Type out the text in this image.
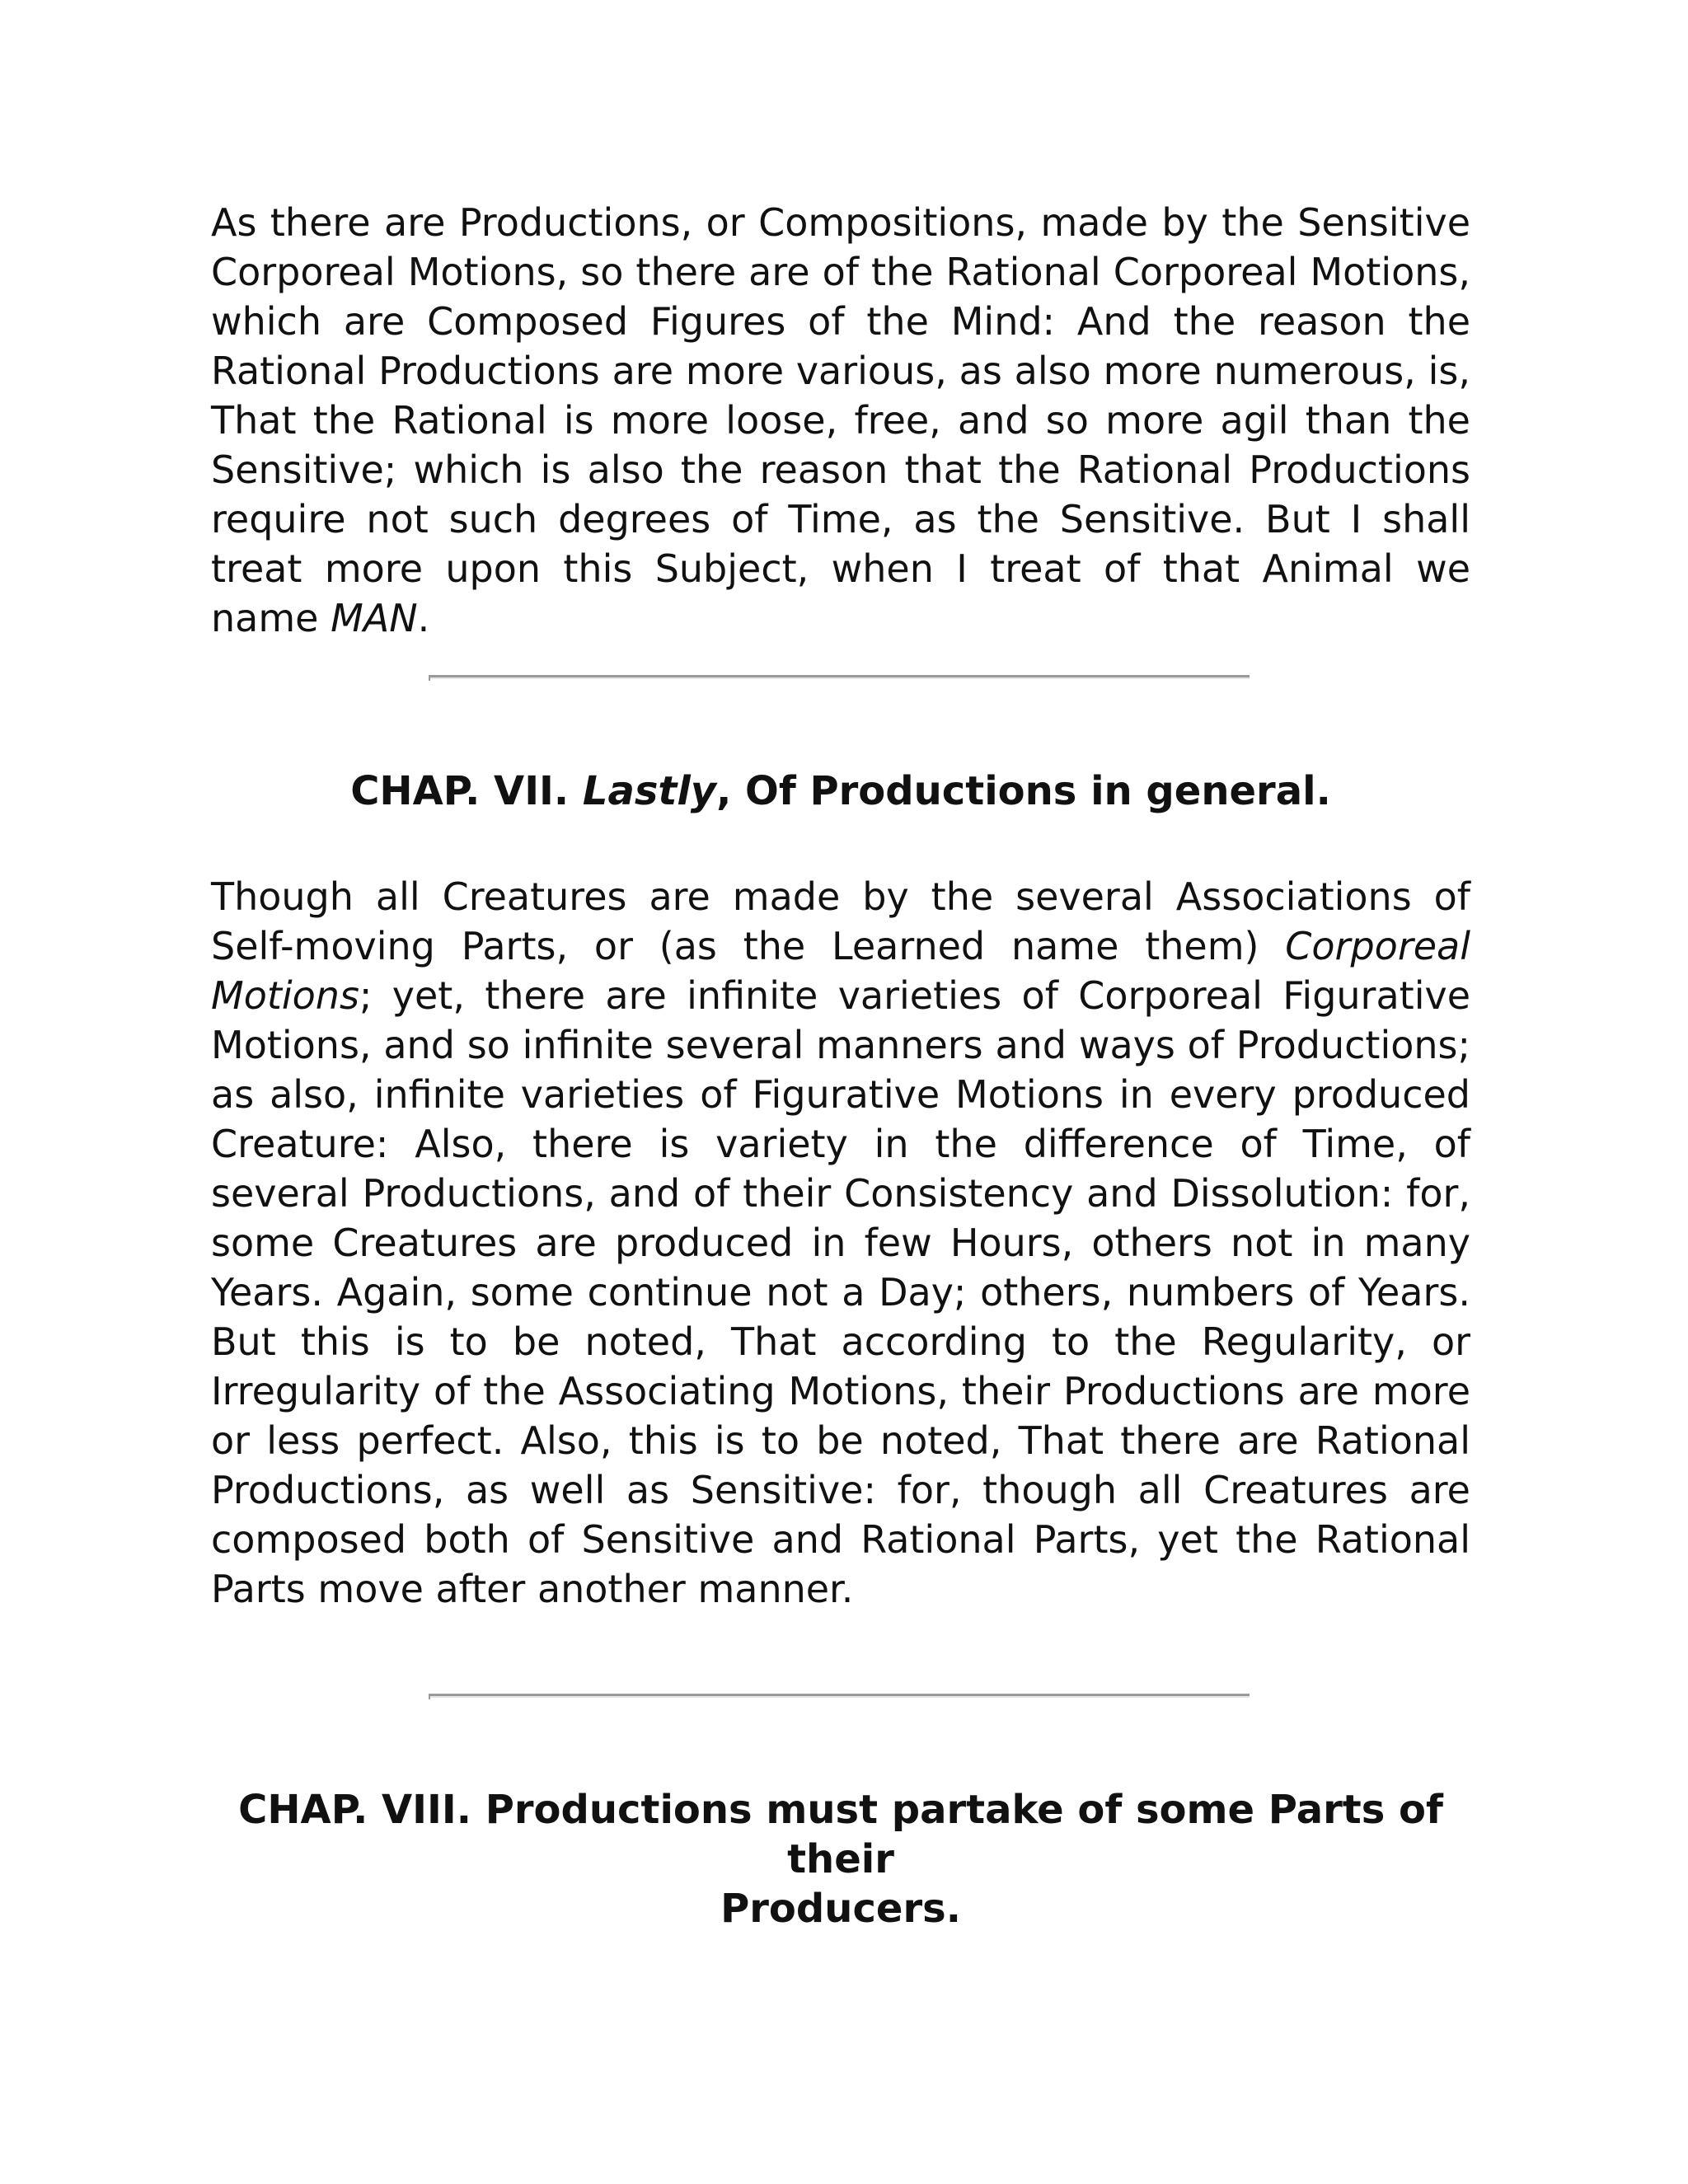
As there are Productions, or Compositions, made by the Sensitive Corporeal Motions, so there are of the Rational Corporeal Motions, which are Composed Figures of the Mind: And the reason the Rational Productions are more various, as also more numerous, is, That the Rational is more loose, free, and so more agil than the Sensitive; which is also the reason that the Rational Productions require not such degrees of Time, as the Sensitive. But I shall treat more upon this Subject, when I treat of that Animal we name MAN.

CHAP. VII. Lastly, Of Productions in general.

Though all Creatures are made by the several Associations of Self-moving Parts, or (as the Learned name them) Corporeal Motions; yet, there are infinite varieties of Corporeal Figurative Motions, and so infinite several manners and ways of Productions; as also, infinite varieties of Figurative Motions in every produced Creature: Also, there is variety in the difference of Time, of several Productions, and of their Consistency and Dissolution: for, some Creatures are produced in few Hours, others not in many Years. Again, some continue not a Day; others, numbers of Years. But this is to be noted, That according to the Regularity, or Irregularity of the Associating Motions, their Productions are more or less perfect. Also, this is to be noted, That there are Rational Productions, as well as Sensitive: for, though all Creatures are composed both of Sensitive and Rational Parts, yet the Rational Parts move after another manner.

CHAP. VIII. Productions must partake of some Parts of their
Producers.
